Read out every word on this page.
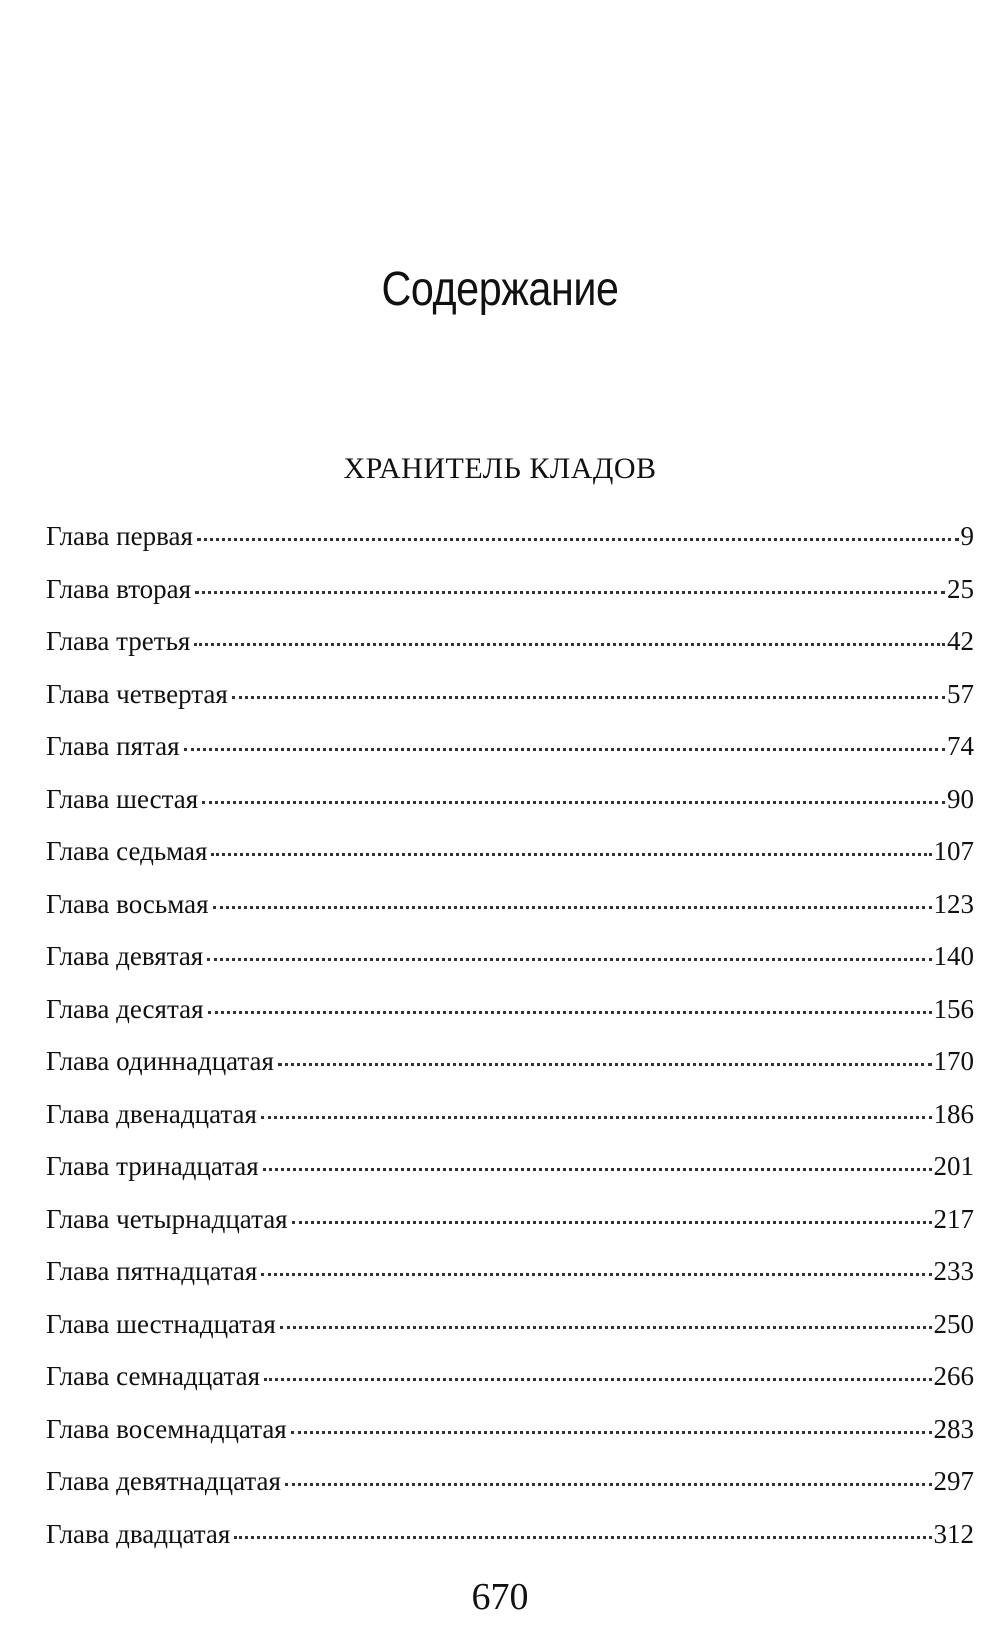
Содержание
ХРАНИТЕЛЬ КЛАДОВ
Глава первая	9
Глава вторая	25
Глава третья	42
Глава четвертая	57
Глава пятая	74
Глава шестая	90
Глава седьмая	107
Глава восьмая	123
Глава девятая	140
Глава десятая	156
Глава одиннадцатая	170
Глава двенадцатая	186
Глава тринадцатая	201
Глава четырнадцатая	217
Глава пятнадцатая	233
Глава шестнадцатая	250
Глава семнадцатая	266
Глава восемнадцатая	283
Глава девятнадцатая	297
Глава двадцатая	312
670
